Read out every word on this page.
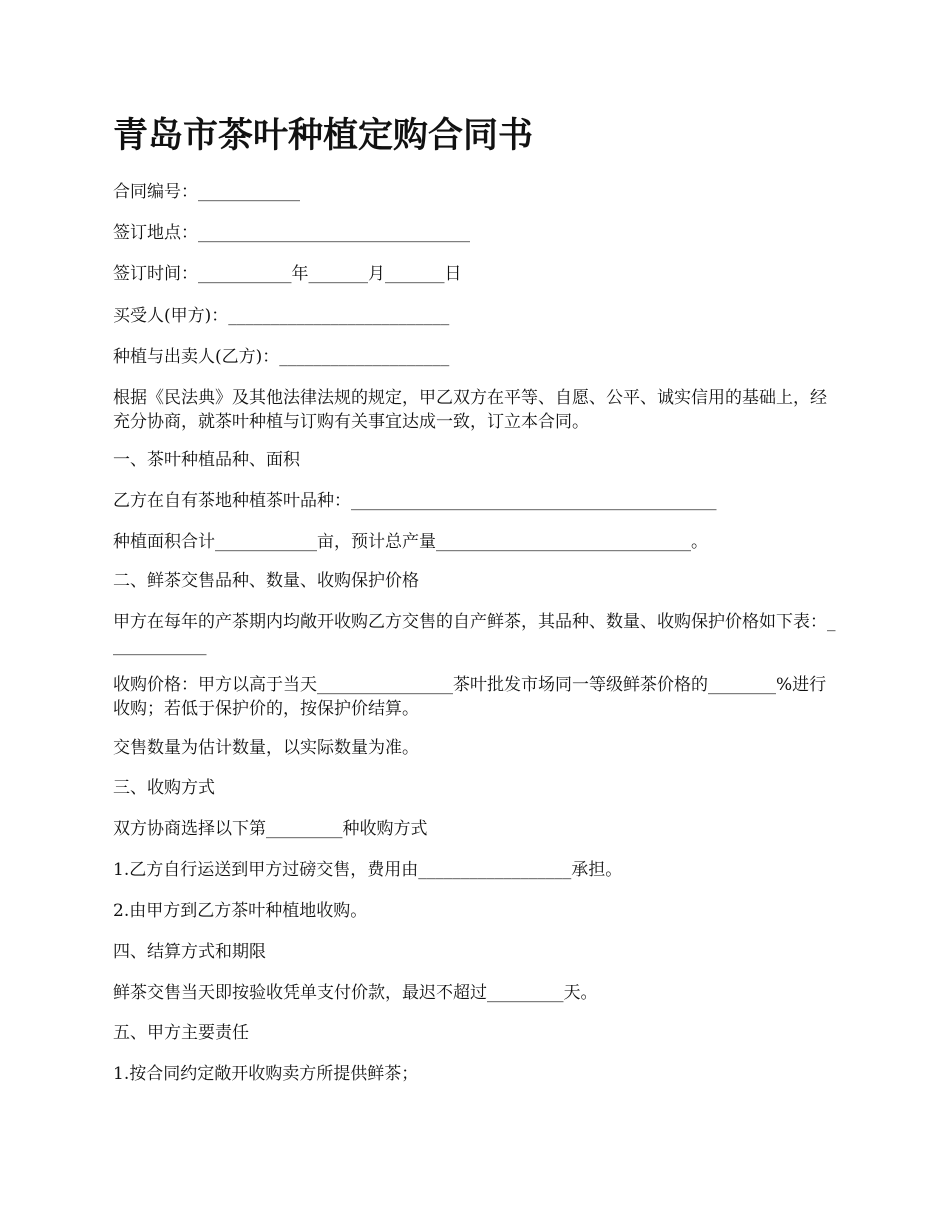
青岛市茶叶种植定购合同书

合同编号：____________

签订地点：________________________________

签订时间：___________年_______月_______日

买受人(甲方)：__________________________

种植与出卖人(乙方)：____________________

根据《民法典》及其他法律法规的规定，甲乙双方在平等、自愿、公平、诚实信用的基础上，经充分协商，就茶叶种植与订购有关事宜达成一致，订立本合同。

一、茶叶种植品种、面积

乙方在自有茶地种植茶叶品种：___________________________________________

种植面积合计____________亩，预计总产量______________________________。

二、鲜茶交售品种、数量、收购保护价格

甲方在每年的产茶期内均敞开收购乙方交售的自产鲜茶，其品种、数量、收购保护价格如下表：____________

收购价格：甲方以高于当天________________茶叶批发市场同一等级鲜茶价格的________%进行收购；若低于保护价的，按保护价结算。

交售数量为估计数量，以实际数量为准。

三、收购方式

双方协商选择以下第_________种收购方式

1.乙方自行运送到甲方过磅交售，费用由__________________承担。

2.由甲方到乙方茶叶种植地收购。

四、结算方式和期限

鲜茶交售当天即按验收凭单支付价款，最迟不超过_________天。

五、甲方主要责任

1.按合同约定敞开收购卖方所提供鲜茶；
